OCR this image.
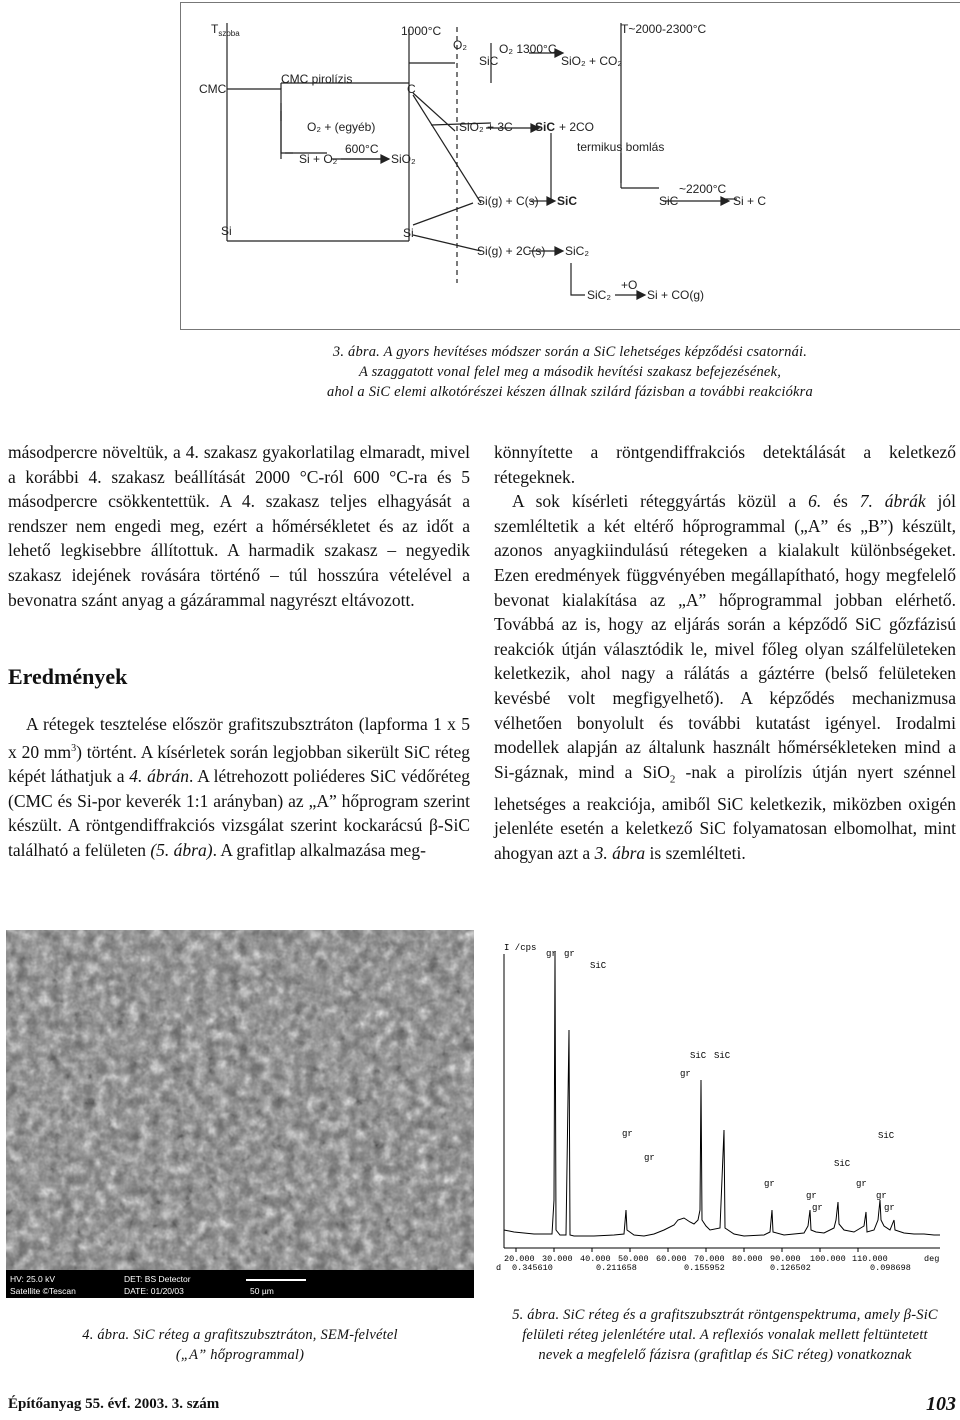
$T_{szoba}$	1000°C	T~2000-2300°C
CMC
CMC pirolízis
C
O₂ + (egyéb)
Si + O₂
600°C
SiO₂
Si	Si
O₂
SiC
O₂ 1300°C
SiO₂ + CO₂
SiO₂ + 3C SiC + 2CO
termikus bomlás
Si(g) + C(s) SiC
~2200°C
SiC	Si + C
Si(g) + 2C(s) SiC₂
+O
SiC₂	Si + CO(g)
3. ábra. A gyors hevítéses módszer során a SiC lehetséges képződési csatornái.
A szaggatott vonal felel meg a második hevítési szakasz befejezésének,
ahol a SiC elemi alkotórészei készen állnak szilárd fázisban a további reakciókra

másodpercre növeltük, a 4. szakasz gyakorlatilag elmaradt, mivel a korábbi 4. szakasz beállítását 2000 °C-ról 600 °C-ra és 5 másodpercre csökkentettük. A 4. szakasz teljes elhagyását a rendszer nem engedi meg, ezért a hőmérsékletet és az időt a lehető legkisebbre állítottuk. A harmadik szakasz – negyedik szakasz idejének rovására történő – túl hosszúra vételével a bevonatra szánt anyag a gázárammal nagyrészt eltávozott.

Eredmények

A rétegek tesztelése először grafitszubsztráton (lapforma 1 x 5 x 20 $mm^3$) történt. A kísérletek során legjobban sikerült SiC réteg képét láthatjuk a 4. ábrán. A létrehozott poliéderes SiC védőréteg (CMC és Si-por keverék 1:1 arányban) az „A” hőprogram szerint készült. A röntgendiffrakciós vizsgálat szerint kockarácsú β-SiC található a felületen (5. ábra). A grafitlap alkalmazása meg-

könnyítette a röntgendiffrakciós detektálását a keletkező rétegeknek.

A sok kísérleti réteggyártás közül a 6. és 7. ábrák jól szemléltetik a két eltérő hőprogrammal („A” és „B”) készült, azonos anyagkiindulású rétegeken a kialakult különbségeket. Ezen eredmények függvényében megállapítható, hogy megfelelő bevonat kialakítása az „A” hőprogrammal jobban elérhető. Továbbá az is, hogy az eljárás során a képződő SiC gőzfázisú reakciók útján választódik le, mivel főleg olyan szálfelületeken keletkezik, ahol nagy a rálátás a gáztérre (belső felületeken kevésbé volt megfigyelhető). A képződés mechanizmusa vélhetően bonyolult és további kutatást igényel. Irodalmi modellek alapján az általunk használt hőmérsékleteken mind a Si-gáznak, mind a SiO$_2$ -nak a pirolízis útján nyert szénnel lehetséges a reakciója, amiből SiC keletkezik, miközben oxigén jelenléte esetén a keletkező SiC folyamatosan elbomolhat, mint ahogyan azt a 3. ábra is szemlélteti.

HV: 25.0 kV
Satellite ©Tescan
DET: BS Detector
DATE: 01/20/03	50 µm
I /cps
gr gr
SiC
SiC SiC
gr
gr	SiC
gr
SiC
gr
gr
gr	gr
gr	gr
20.000 30.000 40.000 50.000 60.000 70.000 80.000 90.000 100.000 110.000	deg
d 0.345610	0.211658	0.155952	0.126502	0.098698
4. ábra. SiC réteg a grafitszubsztráton, SEM-felvétel
(„A” hőprogrammal)
5. ábra. SiC réteg és a grafitszubsztrát röntgenspektruma, amely β-SiC
felületi réteg jelenlétére utal. A reflexiós vonalak mellett feltüntetett
nevek a megfelelő fázisra (grafitlap és SiC réteg) vonatkoznak
Építőanyag 55. évf. 2003. 3. szám	103
